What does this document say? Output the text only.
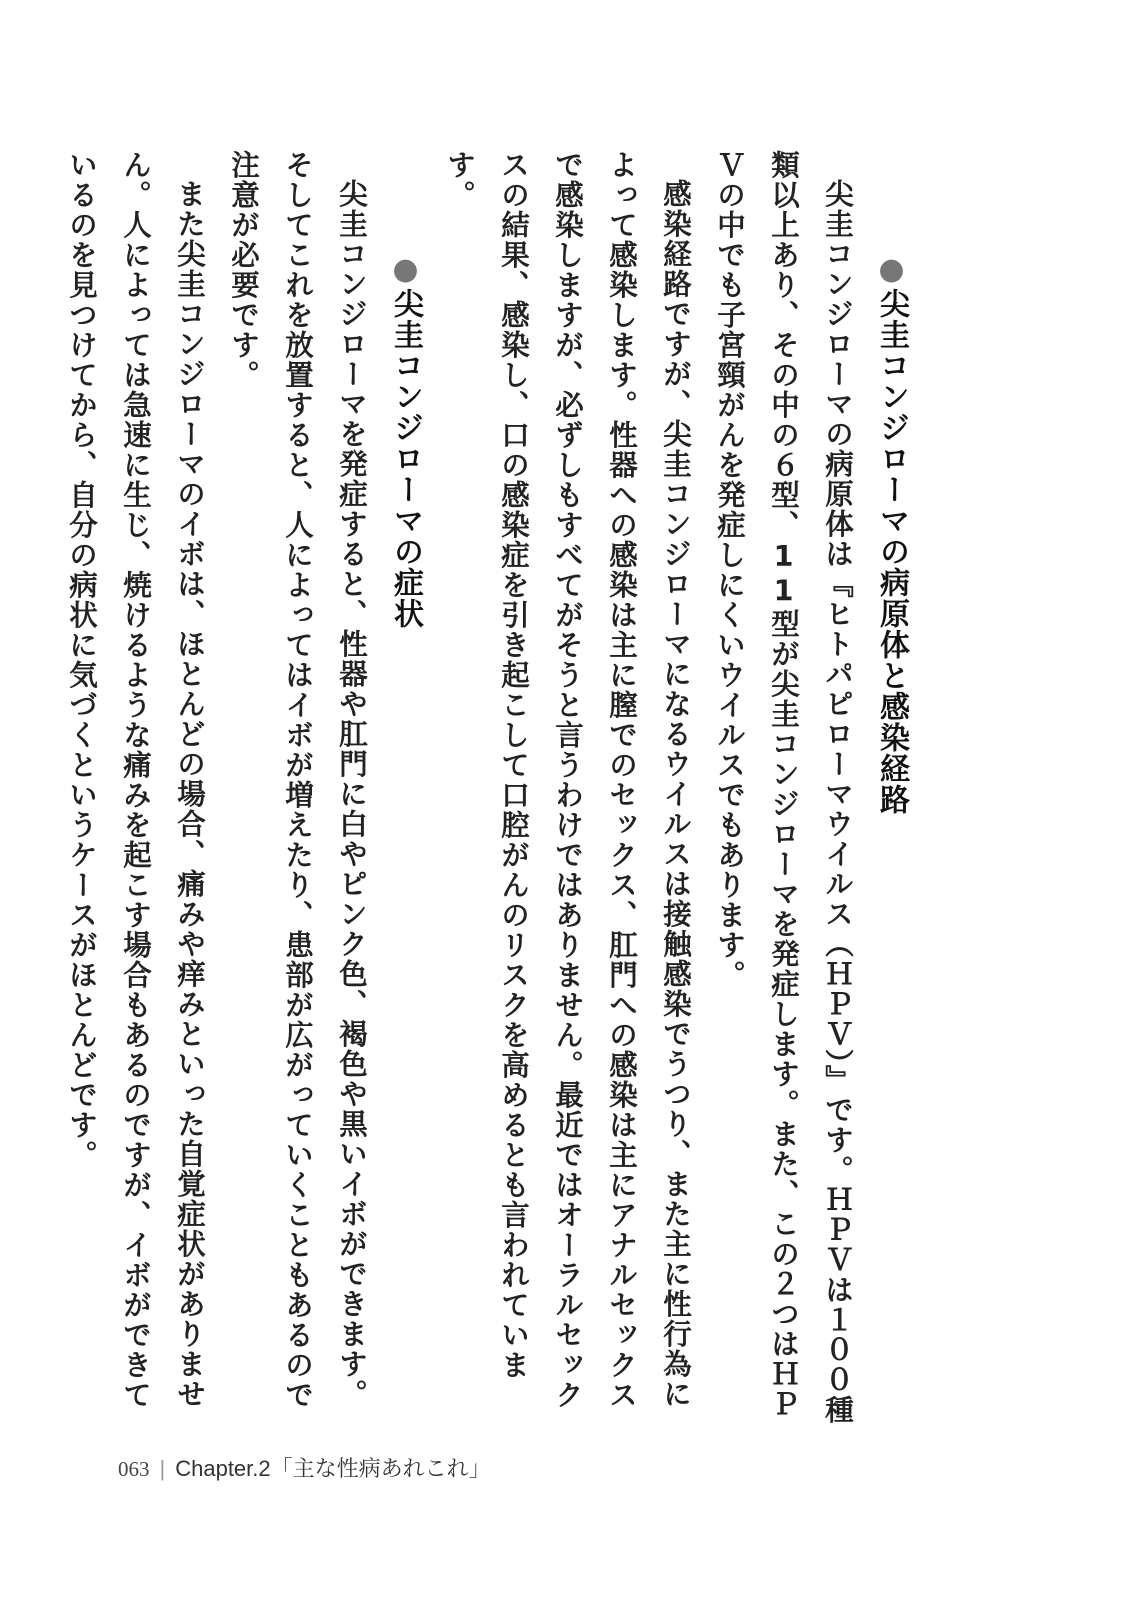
●尖圭コンジローマの病原体と感染経路

尖圭コンジローマの病原体は『ヒトパピローマウイルス（ＨＰＶ）』です。ＨＰＶは１００種類以上あり、その中の６型、11型が尖圭コンジローマを発症します。また、この２つはＨＰＶの中でも子宮頸がんを発症しにくいウイルスでもあります。

感染経路ですが、尖圭コンジローマになるウイルスは接触感染でうつり、また主に性行為によって感染します。性器への感染は主に膣でのセックス、肛門への感染は主にアナルセックスで感染しますが、必ずしもすべてがそうと言うわけではありません。最近ではオーラルセックスの結果、感染し、口の感染症を引き起こして口腔がんのリスクを高めるとも言われています。

●尖圭コンジローマの症状

尖圭コンジローマを発症すると、性器や肛門に白やピンク色、褐色や黒いイボができます。そしてこれを放置すると、人によってはイボが増えたり、患部が広がっていくこともあるので注意が必要です。

また尖圭コンジローマのイボは、ほとんどの場合、痛みや痒みといった自覚症状がありません。人によっては急速に生じ、焼けるような痛みを起こす場合もあるのですが、イボができているのを見つけてから、自分の病状に気づくというケースがほとんどです。

063 | Chapter.2「主な性病あれこれ」
